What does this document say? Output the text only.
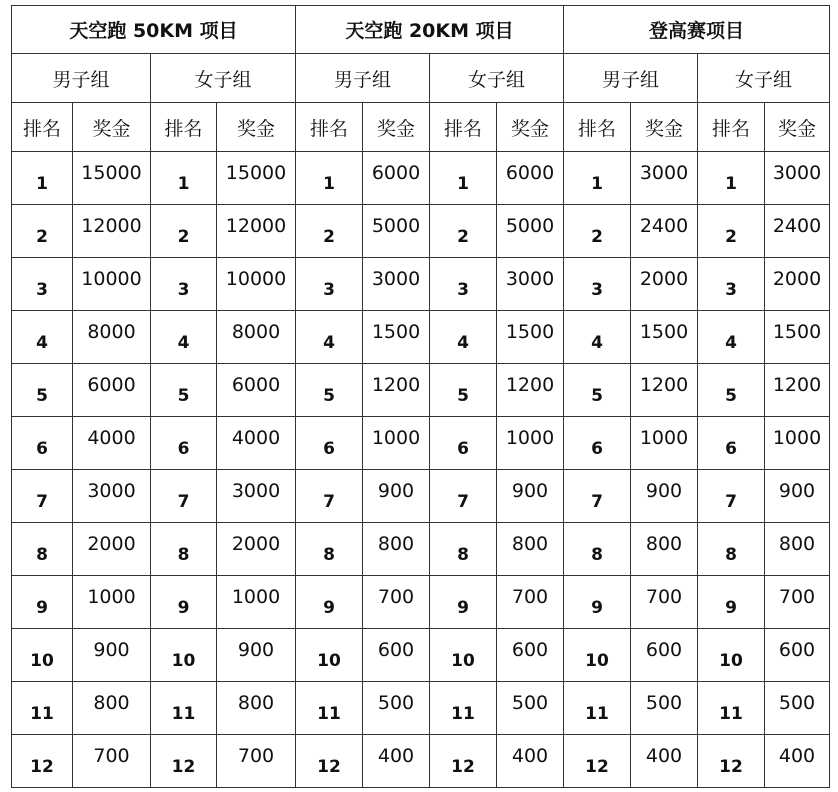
天空跑 50KM 项目				天空跑 20KM 项目				登高赛项目			
男子组		女子组		男子组		女子组		男子组		女子组	
排名	奖金	排名	奖金	排名	奖金	排名	奖金	排名	奖金	排名	奖金
1	15000	1	15000	1	6000	1	6000	1	3000	1	3000
2	12000	2	12000	2	5000	2	5000	2	2400	2	2400
3	10000	3	10000	3	3000	3	3000	3	2000	3	2000
4	8000	4	8000	4	1500	4	1500	4	1500	4	1500
5	6000	5	6000	5	1200	5	1200	5	1200	5	1200
6	4000	6	4000	6	1000	6	1000	6	1000	6	1000
7	3000	7	3000	7	900	7	900	7	900	7	900
8	2000	8	2000	8	800	8	800	8	800	8	800
9	1000	9	1000	9	700	9	700	9	700	9	700
10	900	10	900	10	600	10	600	10	600	10	600
11	800	11	800	11	500	11	500	11	500	11	500
12	700	12	700	12	400	12	400	12	400	12	400
